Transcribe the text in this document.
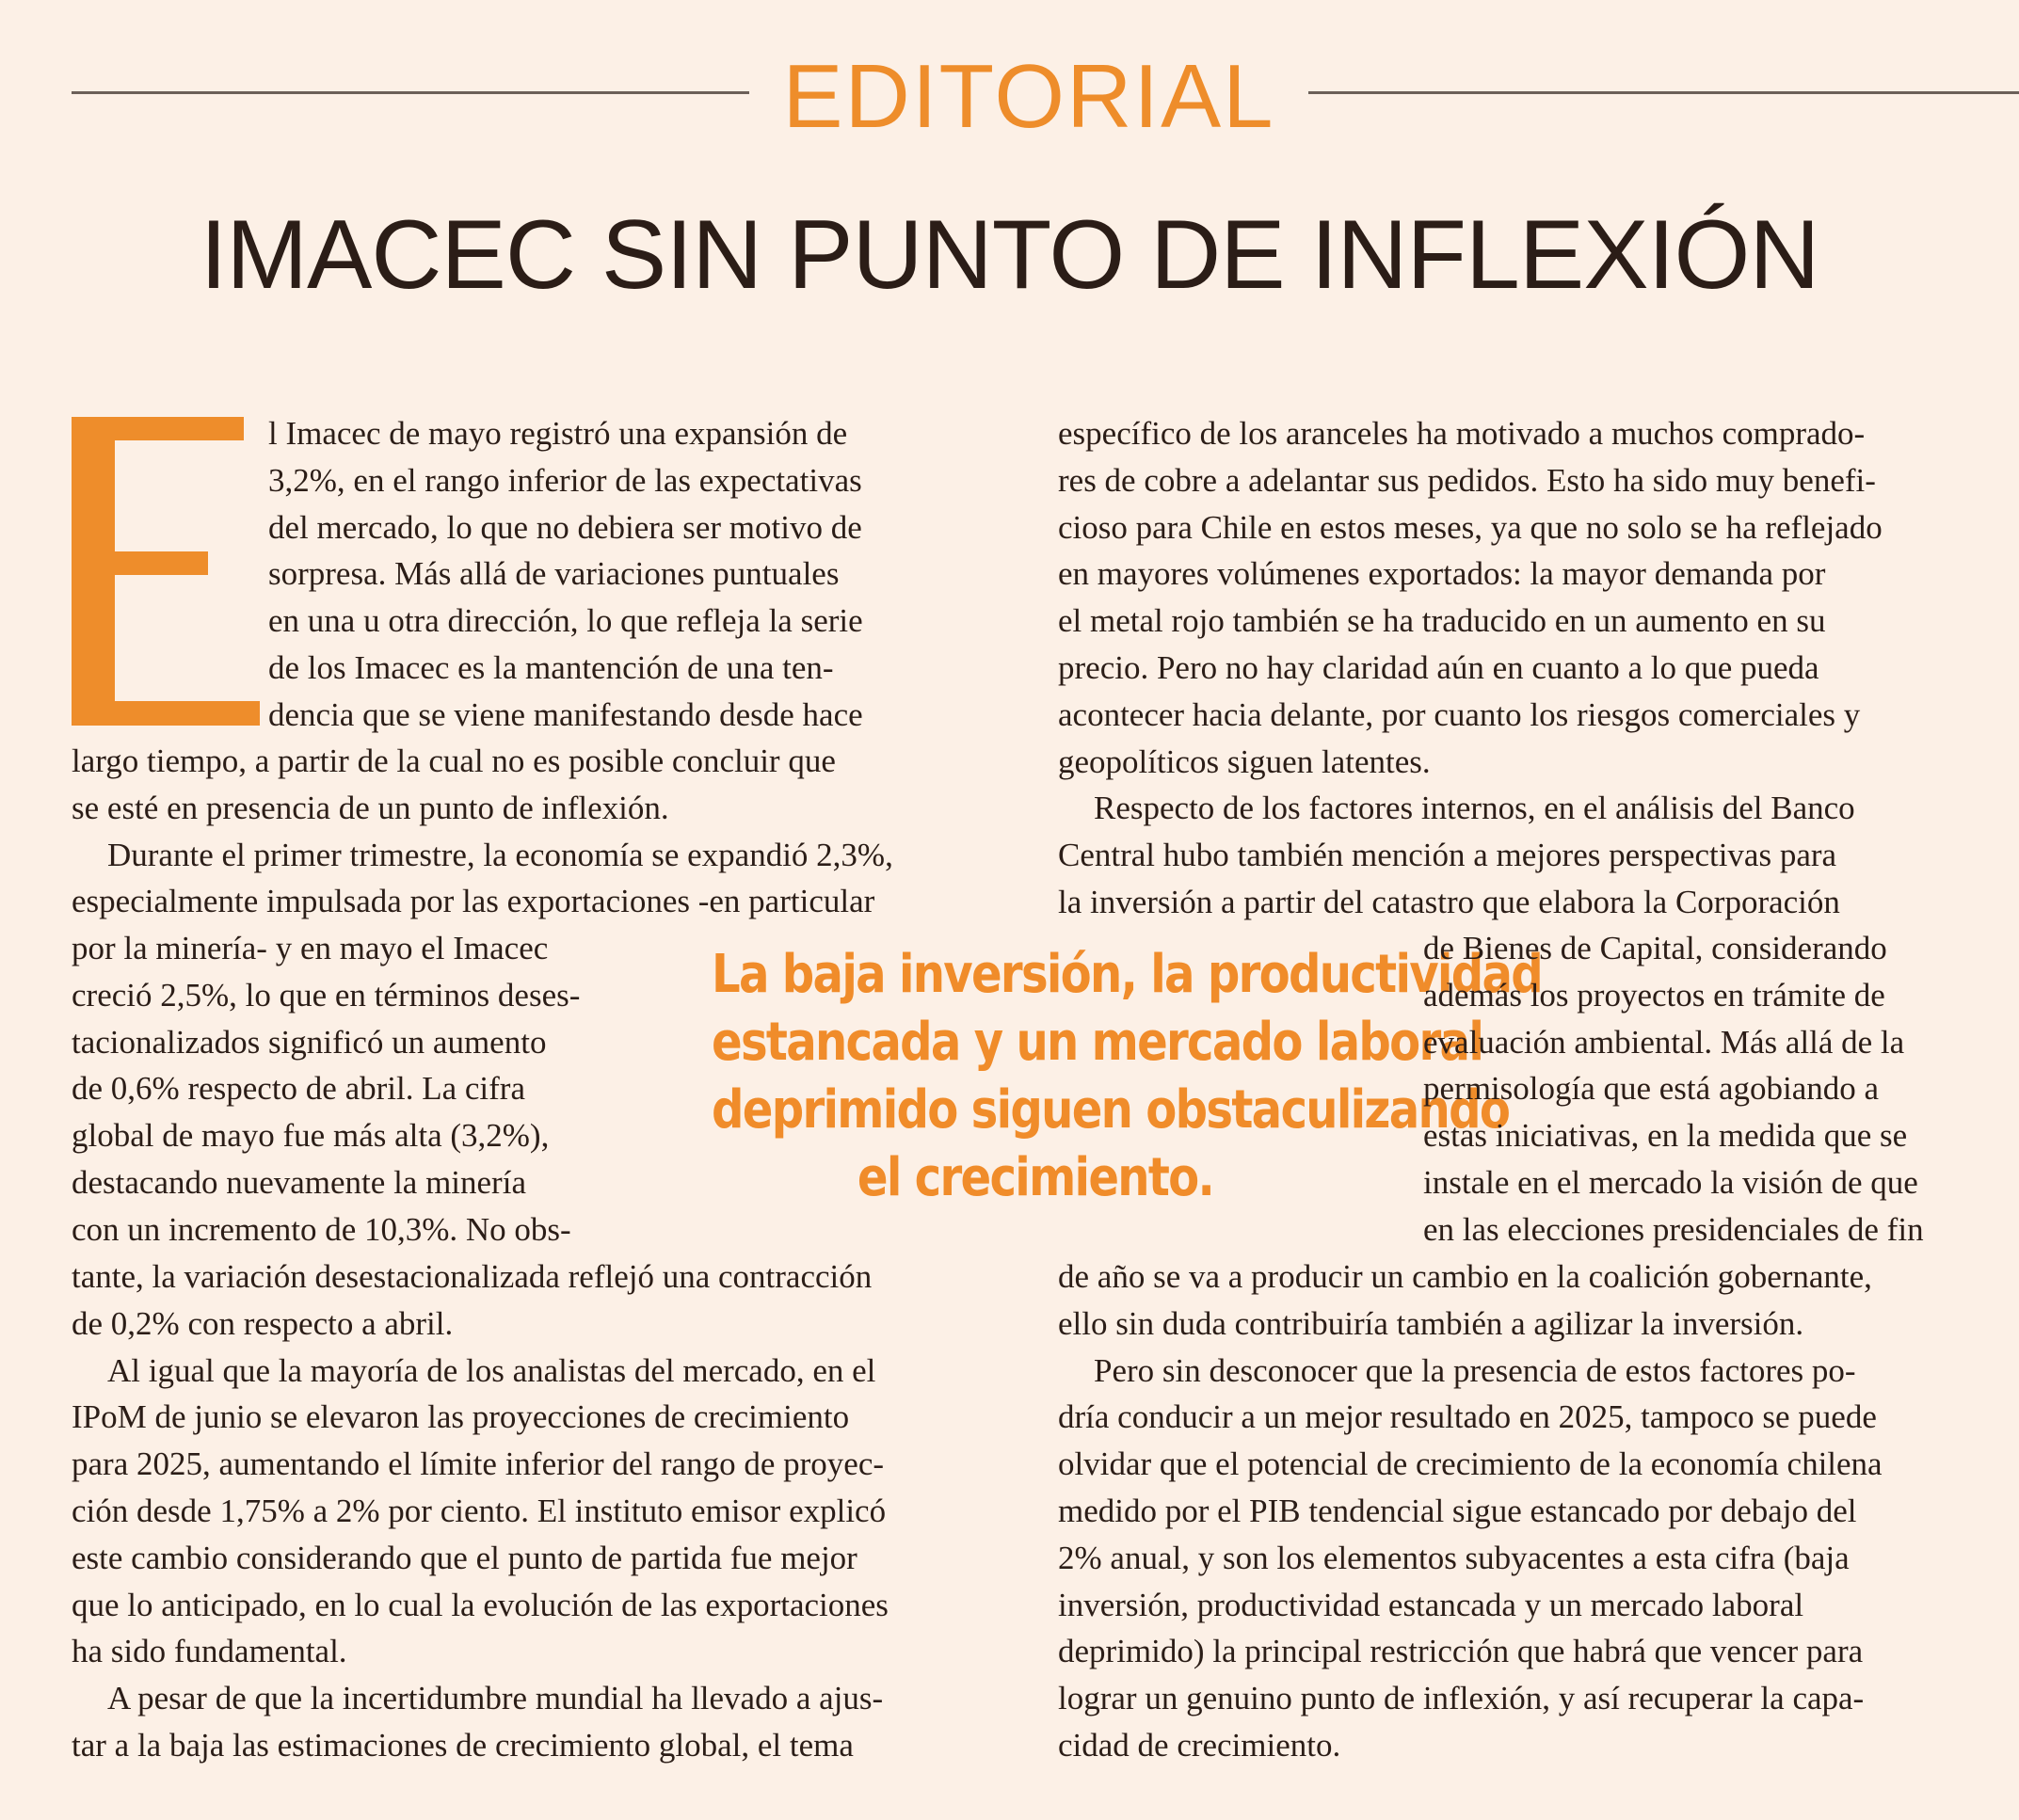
EDITORIAL
IMACEC SIN PUNTO DE INFLEXIÓN

l Imacec de mayo registró una expansión de
3,2%, en el rango inferior de las expectativas
del mercado, lo que no debiera ser motivo de
sorpresa. Más allá de variaciones puntuales
en una u otra dirección, lo que refleja la serie
de los Imacec es la mantención de una ten-
dencia que se viene manifestando desde hace

largo tiempo, a partir de la cual no es posible concluir que
se esté en presencia de un punto de inflexión.
Durante el primer trimestre, la economía se expandió 2,3%,
especialmente impulsada por las exportaciones -en particular

por la minería- y en mayo el Imacec
creció 2,5%, lo que en términos deses-
tacionalizados significó un aumento
de 0,6% respecto de abril. La cifra
global de mayo fue más alta (3,2%),
destacando nuevamente la minería
con un incremento de 10,3%. No obs-

tante, la variación desestacionalizada reflejó una contracción
de 0,2% con respecto a abril.
Al igual que la mayoría de los analistas del mercado, en el
IPoM de junio se elevaron las proyecciones de crecimiento
para 2025, aumentando el límite inferior del rango de proyec-
ción desde 1,75% a 2% por ciento. El instituto emisor explicó
este cambio considerando que el punto de partida fue mejor
que lo anticipado, en lo cual la evolución de las exportaciones
ha sido fundamental.
A pesar de que la incertidumbre mundial ha llevado a ajus-
tar a la baja las estimaciones de crecimiento global, el tema

La baja inversión, la productividad
estancada y un mercado laboral
deprimido siguen obstaculizando
el crecimiento.

específico de los aranceles ha motivado a muchos comprado-
res de cobre a adelantar sus pedidos. Esto ha sido muy benefi-
cioso para Chile en estos meses, ya que no solo se ha reflejado
en mayores volúmenes exportados: la mayor demanda por
el metal rojo también se ha traducido en un aumento en su
precio. Pero no hay claridad aún en cuanto a lo que pueda
acontecer hacia delante, por cuanto los riesgos comerciales y
geopolíticos siguen latentes.
Respecto de los factores internos, en el análisis del Banco
Central hubo también mención a mejores perspectivas para
la inversión a partir del catastro que elabora la Corporación

de Bienes de Capital, considerando
además los proyectos en trámite de
evaluación ambiental. Más allá de la
permisología que está agobiando a
estas iniciativas, en la medida que se
instale en el mercado la visión de que
en las elecciones presidenciales de fin

de año se va a producir un cambio en la coalición gobernante,
ello sin duda contribuiría también a agilizar la inversión.
Pero sin desconocer que la presencia de estos factores po-
dría conducir a un mejor resultado en 2025, tampoco se puede
olvidar que el potencial de crecimiento de la economía chilena
medido por el PIB tendencial sigue estancado por debajo del
2% anual, y son los elementos subyacentes a esta cifra (baja
inversión, productividad estancada y un mercado laboral
deprimido) la principal restricción que habrá que vencer para
lograr un genuino punto de inflexión, y así recuperar la capa-
cidad de crecimiento.
